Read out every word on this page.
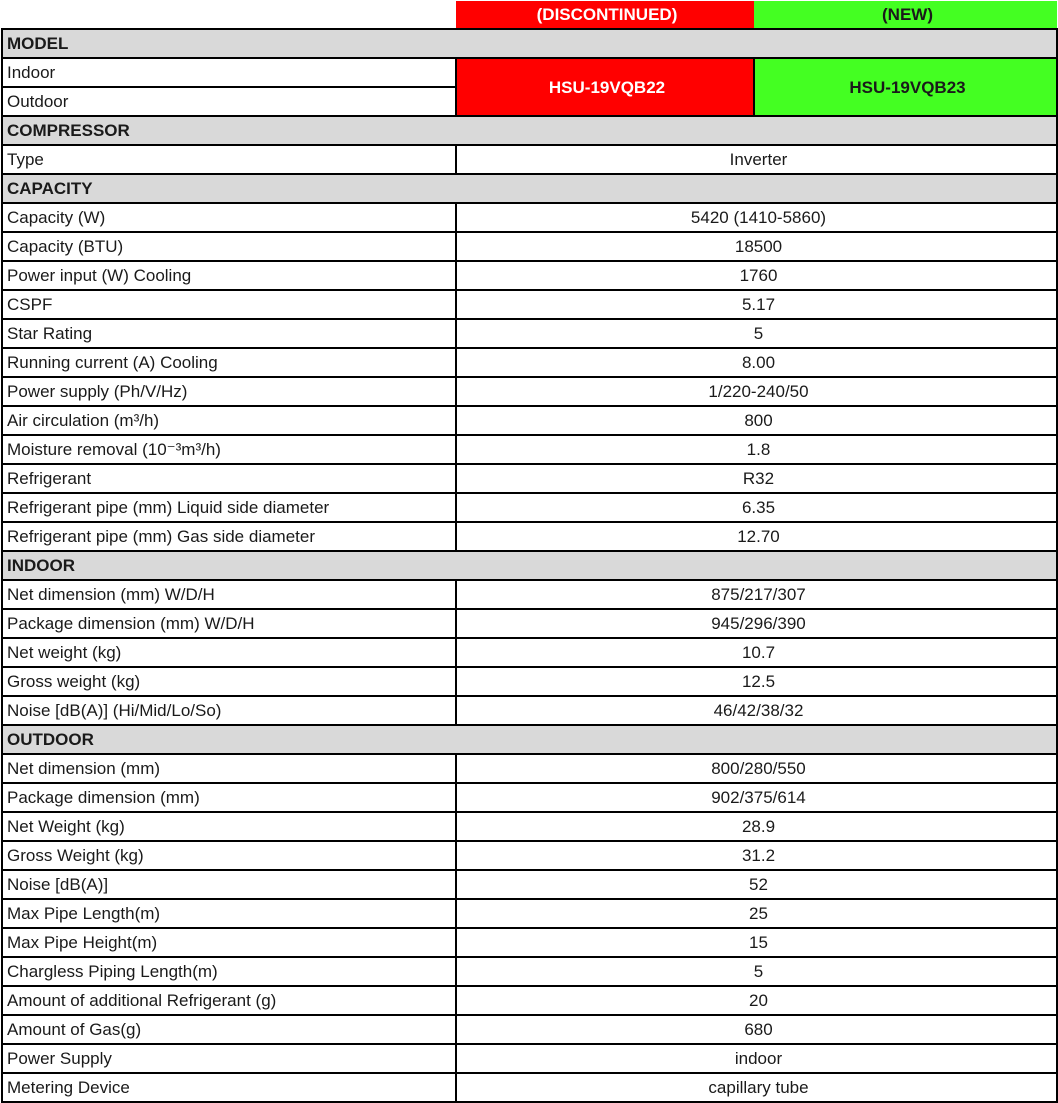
	(DISCONTINUED)	(NEW)
MODEL		
Indoor	HSU-19VQB22	HSU-19VQB23
Outdoor		
COMPRESSOR		
Type	Inverter	
CAPACITY		
Capacity (W)	5420 (1410-5860)	
Capacity (BTU)	18500	
Power input (W) Cooling	1760	
CSPF	5.17	
Star Rating	5	
Running current (A) Cooling	8.00	
Power supply (Ph/V/Hz)	1/220-240/50	
Air circulation (m³/h)	800	
Moisture removal (10⁻³m³/h)	1.8	
Refrigerant	R32	
Refrigerant pipe (mm) Liquid side diameter	6.35	
Refrigerant pipe (mm) Gas side diameter	12.70	
INDOOR		
Net dimension (mm) W/D/H	875/217/307	
Package dimension (mm) W/D/H	945/296/390	
Net weight (kg)	10.7	
Gross weight (kg)	12.5	
Noise [dB(A)] (Hi/Mid/Lo/So)	46/42/38/32	
OUTDOOR		
Net dimension (mm)	800/280/550	
Package dimension (mm)	902/375/614	
Net Weight (kg)	28.9	
Gross Weight (kg)	31.2	
Noise [dB(A)]	52	
Max Pipe Length(m)	25	
Max Pipe Height(m)	15	
Chargless Piping Length(m)	5	
Amount of additional Refrigerant (g)	20	
Amount of Gas(g)	680	
Power Supply	indoor	
Metering Device	capillary tube	
